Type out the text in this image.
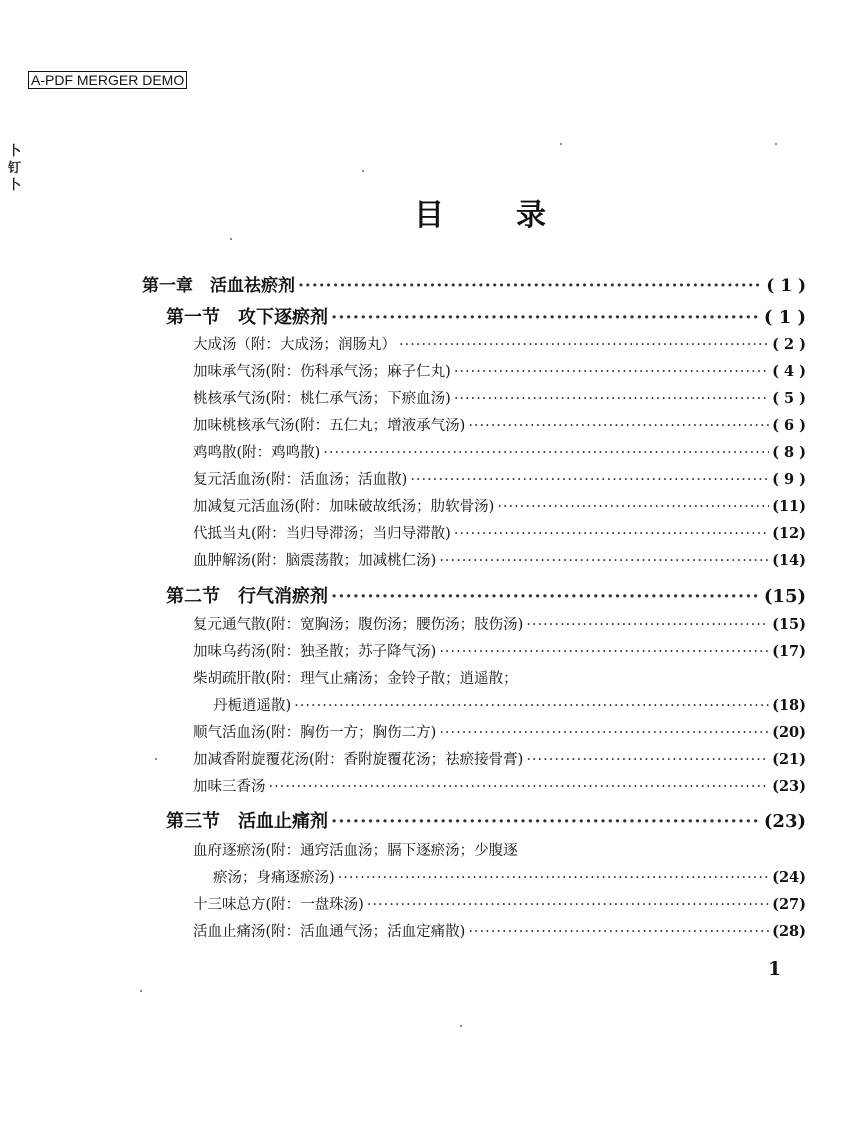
A-PDF MERGER DEMO
卜钉卜
目录
第一章　活血祛瘀剂 ·····	( 1 )
第一节　攻下逐瘀剂 ·····	( 1 )
大成汤（附：大成汤；润肠丸） ·····	( 2 )
加味承气汤(附：伤科承气汤；麻子仁丸) ·····	( 4 )
桃核承气汤(附：桃仁承气汤；下瘀血汤) ·····	( 5 )
加味桃核承气汤(附：五仁丸；增液承气汤) ·····	( 6 )
鸡鸣散(附：鸡鸣散) ·····	( 8 )
复元活血汤(附：活血汤；活血散) ·····	( 9 )
加减复元活血汤(附：加味破故纸汤；肋软骨汤) ·····	(11)
代抵当丸(附：当归导滞汤；当归导滞散) ·····	(12)
血肿解汤(附：脑震荡散；加减桃仁汤) ·····	(14)
第二节　行气消瘀剂 ·····	(15)
复元通气散(附：宽胸汤；腹伤汤；腰伤汤；肢伤汤) ·····	(15)
加味乌药汤(附：独圣散；苏子降气汤) ·····	(17)
柴胡疏肝散(附：理气止痛汤；金铃子散；逍遥散；
丹栀逍遥散) ·····	(18)
顺气活血汤(附：胸伤一方；胸伤二方) ·····	(20)
加减香附旋覆花汤(附：香附旋覆花汤；祛瘀接骨膏) ·····	(21)
加味三香汤 ·····	(23)
第三节　活血止痛剂 ·····	(23)
血府逐瘀汤(附：通窍活血汤；膈下逐瘀汤；少腹逐
瘀汤；身痛逐瘀汤) ·····	(24)
十三味总方(附：一盘珠汤) ·····	(27)
活血止痛汤(附：活血通气汤；活血定痛散) ·····	(28)
1
